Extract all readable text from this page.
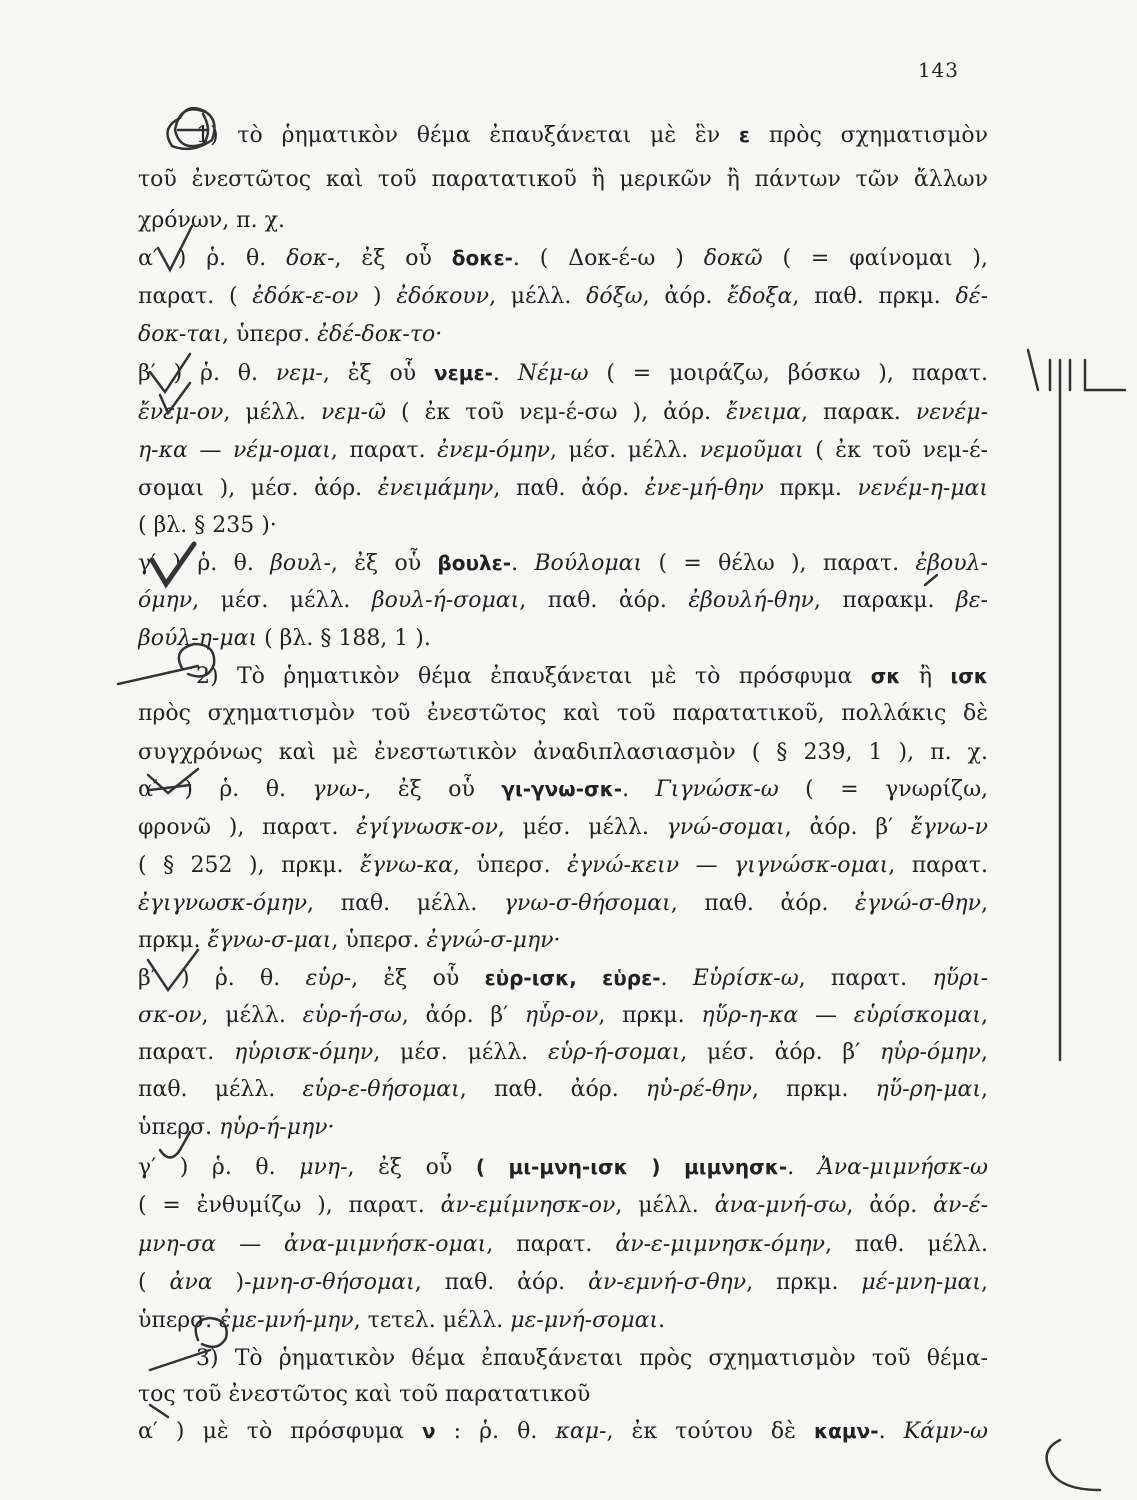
143
1) τὸ ῥηματικὸν θέμα ἐπαυξάνεται μὲ ἓν ε πρὸς σχηματισμὸν
τοῦ ἐνεστῶτος καὶ τοῦ παρατατικοῦ ἢ μερικῶν ἢ πάντων τῶν ἄλλων
χρόνων, π. χ.
α′ ) ῥ. θ. δοκ-, ἐξ οὗ δοκε-. ( Δοκ-έ-ω ) δοκῶ ( = φαίνομαι ),
παρατ. ( ἐδόκ-ε-ον ) ἐδόκουν, μέλλ. δόξω, ἀόρ. ἔδοξα, παθ. πρκμ. δέ-
δοκ-ται, ὑπερσ. ἐδέ-δοκ-το·
β′ ) ῥ. θ. νεμ-, ἐξ οὗ νεμε-. Νέμ-ω ( = μοιράζω, βόσκω ), παρατ.
ἔνεμ-ον, μέλλ. νεμ-ῶ ( ἐκ τοῦ νεμ-έ-σω ), ἀόρ. ἔνειμα, παρακ. νενέμ-
η-κα — νέμ-ομαι, παρατ. ἐνεμ-όμην, μέσ. μέλλ. νεμοῦμαι ( ἐκ τοῦ νεμ-έ-
σομαι ), μέσ. ἀόρ. ἐνειμάμην, παθ. ἀόρ. ἐνε-μή-θην πρκμ. νενέμ-η-μαι
( βλ. § 235 )·
γ′ ) ῥ. θ. βουλ-, ἐξ οὗ βουλε-. Βούλομαι ( = θέλω ), παρατ. ἐβουλ-
όμην, μέσ. μέλλ. βουλ-ή-σομαι, παθ. ἀόρ. ἐβουλή-θην, παρακμ. βε-
βούλ-η-μαι ( βλ. § 188, 1 ).
2) Τὸ ῥηματικὸν θέμα ἐπαυξάνεται μὲ τὸ πρόσφυμα σκ ἢ ισκ
πρὸς σχηματισμὸν τοῦ ἐνεστῶτος καὶ τοῦ παρατατικοῦ, πολλάκις δὲ
συγχρόνως καὶ μὲ ἐνεστωτικὸν ἀναδιπλασιασμὸν ( § 239, 1 ), π. χ.
α′ ) ῥ. θ. γνω-, ἐξ οὗ γι-γνω-σκ-. Γιγνώσκ-ω ( = γνωρίζω,
φρονῶ ), παρατ. ἐγίγνωσκ-ον, μέσ. μέλλ. γνώ-σομαι, ἀόρ. β′ ἔγνω-ν
( § 252 ), πρκμ. ἔγνω-κα, ὑπερσ. ἐγνώ-κειν — γιγνώσκ-ομαι, παρατ.
ἐγιγνωσκ-όμην, παθ. μέλλ. γνω-σ-θήσομαι, παθ. ἀόρ. ἐγνώ-σ-θην,
πρκμ. ἔγνω-σ-μαι, ὑπερσ. ἐγνώ-σ-μην·
β′ ) ῥ. θ. εὑρ-, ἐξ οὗ εὑρ-ισκ, εὑρε-. Εὑρίσκ-ω, παρατ. ηὕρι-
σκ-ον, μέλλ. εὑρ-ή-σω, ἀόρ. β′ ηὗρ-ον, πρκμ. ηὕρ-η-κα — εὑρίσκομαι,
παρατ. ηὑρισκ-όμην, μέσ. μέλλ. εὑρ-ή-σομαι, μέσ. ἀόρ. β′ ηὑρ-όμην,
παθ. μέλλ. εὑρ-ε-θήσομαι, παθ. ἀόρ. ηὑ-ρέ-θην, πρκμ. ηὕ-ρη-μαι,
ὑπερσ. ηὑρ-ή-μην·
γ′ ) ῥ. θ. μνη-, ἐξ οὗ ( μι-μνη-ισκ ) μιμνησκ-. Ἀνα-μιμνήσκ-ω
( = ἐνθυμίζω ), παρατ. ἀν-εμίμνησκ-ον, μέλλ. ἀνα-μνή-σω, ἀόρ. ἀν-έ-
μνη-σα — ἀνα-μιμνήσκ-ομαι, παρατ. ἀν-ε-μιμνησκ-όμην, παθ. μέλλ.
( ἀνα )-μνη-σ-θήσομαι, παθ. ἀόρ. ἀν-εμνή-σ-θην, πρκμ. μέ-μνη-μαι,
ὑπερσ. ἐμε-μνή-μην, τετελ. μέλλ. με-μνή-σομαι.
3) Τὸ ῥηματικὸν θέμα ἐπαυξάνεται πρὸς σχηματισμὸν τοῦ θέμα-
τος τοῦ ἐνεστῶτος καὶ τοῦ παρατατικοῦ
α′ ) μὲ τὸ πρόσφυμα ν : ῥ. θ. καμ-, ἐκ τούτου δὲ καμν-. Κάμν-ω
